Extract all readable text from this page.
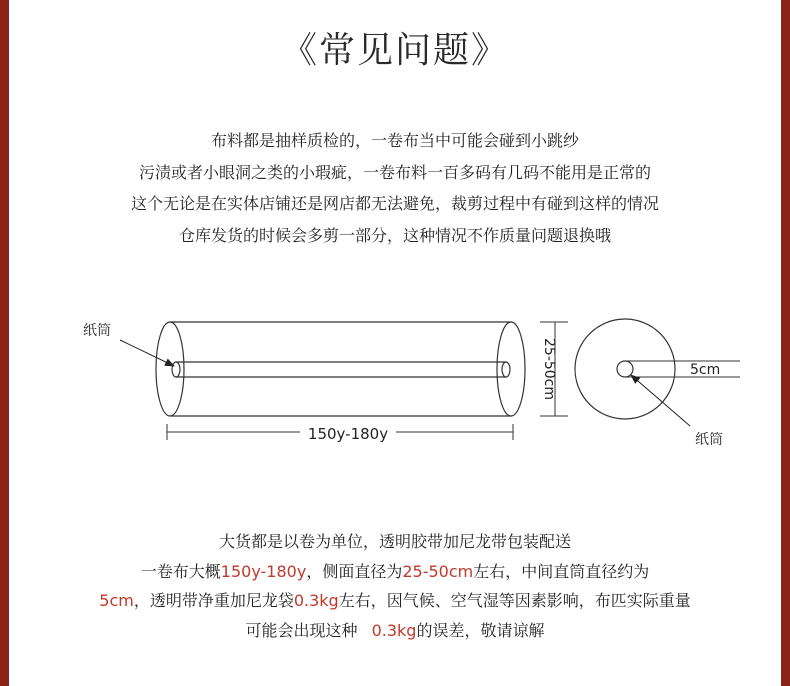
《常见问题》
布料都是抽样质检的，一卷布当中可能会碰到小跳纱
污渍或者小眼洞之类的小瑕疵，一卷布料一百多码有几码不能用是正常的
这个无论是在实体店铺还是网店都无法避免，裁剪过程中有碰到这样的情况
仓库发货的时候会多剪一部分，这种情况不作质量问题退换哦
纸筒
150y-180y
25-50cm	5cm
纸筒
大货都是以卷为单位，透明胶带加尼龙带包装配送
一卷布大概150y-180y，侧面直径为25-50cm左右，中间直筒直径约为
5cm，透明带净重加尼龙袋0.3kg左右，因气候、空气湿等因素影响，布匹实际重量
可能会出现这种 0.3kg的误差，敬请谅解
